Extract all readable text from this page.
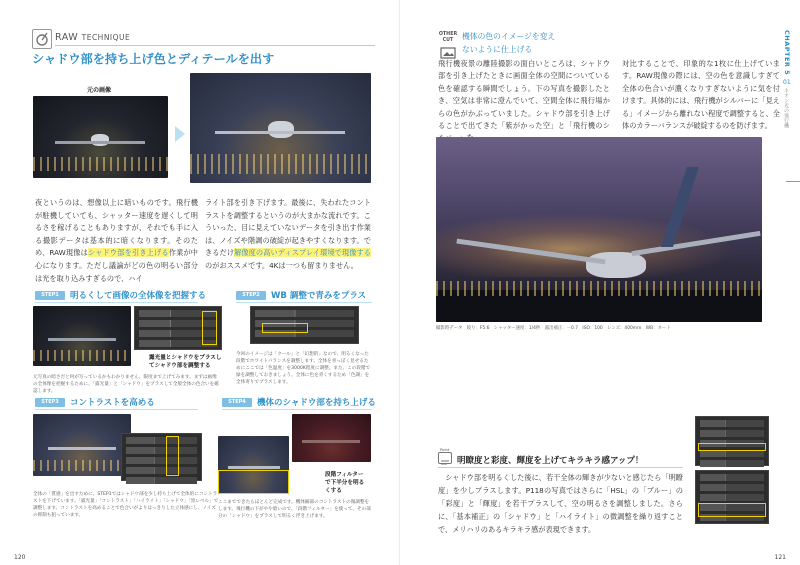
RAW TECHNIQUE
シャドウ部を持ち上げ色とディテールを出す
元の画像
夜というのは、想像以上に暗いものです。飛行機が​​​​駐機していても、シャッター速度を遅くして明るさを稼げることもありますが、それでも手に入る撮影データは基本的に暗くなります。そのため、RAW現像はシャドウ部を引き上げる作業が中心になります。ただし議論がどの色の明るい部分は光を取り込みすぎるので、ハイ
ライト部を引き下げます。最後に、失われたコントラストを調整するというのが大まかな流れです。こういった、目に見えていないデータを引き出す作業は、ノイズや階調の破綻が起きやすくなります。できるだけ解像度の高いディスプレイ環境で現像するのがおススメです。4Kは一つも留まりません。
STEP1	明るくして画像の全体像を把握する
露光量とシャドウをプラスしてシャドウ部を調整する
元写真の暗さだと何が写っているかもわかりません。限度まで上げてみます。まずは画像の全体像を把握するために、「露光量」と「シャドウ」をプラスして全般全体の色合いを確認します。
STEP2	WB 調整で青みをプラス
今回のイメージは「クール」と「幻想的」なので、明るくなった段階でホワイトバランスを調整します。全体を青っぽく見せるためにここでは「色温度」を3000K程度に調整。また、この段階で緑を調整しておきましょう。全体に色を青くするため「色調」を全体寄りでプラスします。
STEP3	コントラストを高める
全体の「質感」を出すために、STEP1ではシャドウ部を少し持ち上げて全体的にコントラストを下げています。「露光量」「コントラスト」「ハイライト」「シャドウ」「黒レベル」で調整します。コントラストを高めることで色合いがよりはっきりした立体感にし、ノイズの抑制も狙っています。
STEP4	機体のシャドウ部を持ち上げる
段階フィルターで下半分を明るくする
ここまでできたらほとんど完成です。機体細部のコントラストの微調整をします。飛行機の下がやや暗いので、「段階フィルター」を使って、その部分の「シャドウ」をプラスして明るく浮き上げます。
120
OTHER CUT	機体の色のイメージを変えないように仕上げる
飛行機夜景の離陸撮影の面白いところは、シャドウ部を引き上げたときに画面全体の空間についている色を確認する瞬間でしょう。下の写真を撮影したとき、空気は非常に澄んでいて、空間全体に飛行場からの色がかぶっていました。シャドウ部を引き上げることで出てきた「紫がかった空」と「飛行機のシ
対比することで、印象的な1枚に仕上げています。RAW現像の際には、空の色を意識しすぎて全体の色合いが濃くなりすぎないように気を付けます。具体的には、飛行機がシルバーに「見える」イメージから離れない程度で調整すると、全体のカラーバランスが破綻するのを防げます。
撮影時データ　絞り：F5.6　シャッター速度：1/4秒　露出補正：－0.7　ISO：100　レンズ：400mm　WB：オート
CHAPTER 5
01
ネオン光の飛行機
Point
明瞭度と彩度、輝度を上げてキラキラ感アップ！
シャドウ部を明るくした後に、若干全体の輝きが少ないと感じたら「明瞭度」を少しプラスします。P118の写真ではさらに「HSL」の「ブルー」の「彩度」と「輝度」を若干プラスして、空の明るさを調整しました。さらに、「基本補正」の「シャドウ」と「ハイライト」の微調整を繰り返すことで、メリハリのあるキラキラ感が表現できます。
121
